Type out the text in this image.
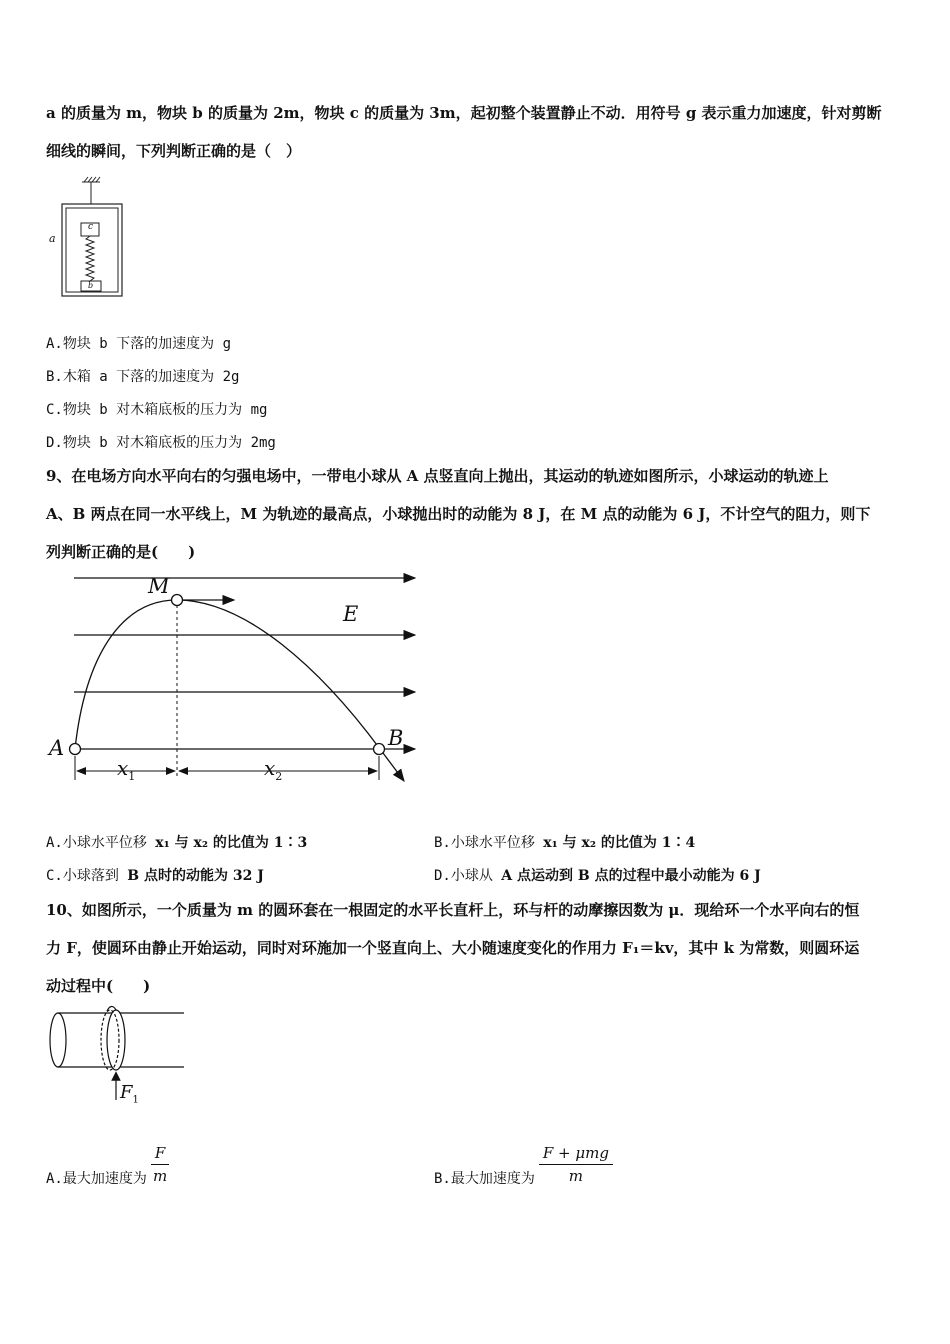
a 的质量为 m，物块 b 的质量为 2m，物块 c 的质量为 3m，起初整个装置静止不动．用符号 g 表示重力加速度，针对剪断
细线的瞬间，下列判断正确的是（　）
a
c
b
A.物块 b 下落的加速度为 g
B.木箱 a 下落的加速度为 2g
C.物块 b 对木箱底板的压力为 mg
D.物块 b 对木箱底板的压力为 2mg
9、在电场方向水平向右的匀强电场中，一带电小球从 A 点竖直向上抛出，其运动的轨迹如图所示，小球运动的轨迹上
A、B 两点在同一水平线上，M 为轨迹的最高点，小球抛出时的动能为 8 J，在 M 点的动能为 6 J，不计空气的阻力，则下
列判断正确的是(　　)
M
E
A	B
$x_1$	$x_2$
A.小球水平位移 x₁ 与 x₂ 的比值为 1∶3	B.小球水平位移 x₁ 与 x₂ 的比值为 1∶4
C.小球落到 B 点时的动能为 32 J	D.小球从 A 点运动到 B 点的过程中最小动能为 6 J
10、如图所示，一个质量为 m 的圆环套在一根固定的水平长直杆上，环与杆的动摩擦因数为 μ．现给环一个水平向右的恒
力 F，使圆环由静止开始运动，同时对环施加一个竖直向上、大小随速度变化的作用力 F₁＝kv，其中 k 为常数，则圆环运
动过程中(　　)
$F_1$
A.最大加速度为 $\frac{F}{m}$	B.最大加速度为 $\frac{\text{F + μmg}}{m}$
